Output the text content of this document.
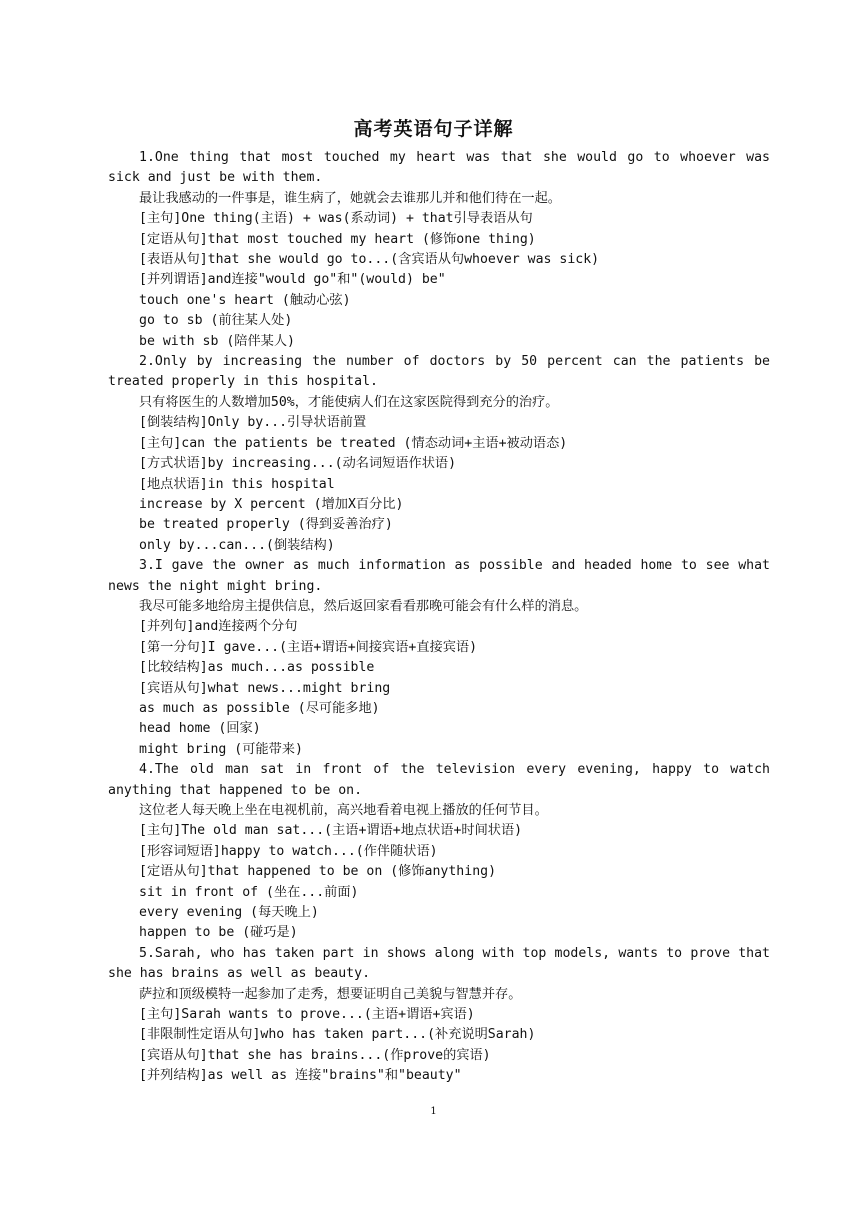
高考英语句子详解

1.One thing that most touched my heart was that she would go to whoever was sick and just be with them.

最让我感动的一件事是，谁生病了，她就会去谁那儿并和他们待在一起。

[主句]One thing(主语) + was(系动词) + that引导表语从句

[定语从句]that most touched my heart (修饰one thing)

[表语从句]that she would go to...(含宾语从句whoever was sick)

[并列谓语]and连接"would go"和"(would) be"

touch one's heart (触动心弦)

go to sb (前往某人处)

be with sb (陪伴某人)

2.Only by increasing the number of doctors by 50 percent can the patients be treated properly in this hospital.

只有将医生的人数增加50%，才能使病人们在这家医院得到充分的治疗。

[倒装结构]Only by...引导状语前置

[主句]can the patients be treated (情态动词+主语+被动语态)

[方式状语]by increasing...(动名词短语作状语)

[地点状语]in this hospital

increase by X percent (增加X百分比)

be treated properly (得到妥善治疗)

only by...can...(倒装结构)

3.I gave the owner as much information as possible and headed home to see what news the night might bring.

我尽可能多地给房主提供信息，然后返回家看看那晚可能会有什么样的消息。

[并列句]and连接两个分句

[第一分句]I gave...(主语+谓语+间接宾语+直接宾语)

[比较结构]as much...as possible

[宾语从句]what news...might bring

as much as possible (尽可能多地)

head home (回家)

might bring (可能带来)

4.The old man sat in front of the television every evening, happy to watch anything that happened to be on.

这位老人每天晚上坐在电视机前，高兴地看着电视上播放的任何节目。

[主句]The old man sat...(主语+谓语+地点状语+时间状语)

[形容词短语]happy to watch...(作伴随状语)

[定语从句]that happened to be on (修饰anything)

sit in front of (坐在...前面)

every evening (每天晚上)

happen to be (碰巧是)

5.Sarah, who has taken part in shows along with top models, wants to prove that she has brains as well as beauty.

萨拉和顶级模特一起参加了走秀，想要证明自己美貌与智慧并存。

[主句]Sarah wants to prove...(主语+谓语+宾语)

[非限制性定语从句]who has taken part...(补充说明Sarah)

[宾语从句]that she has brains...(作prove的宾语)

[并列结构]as well as 连接"brains"和"beauty"

1
